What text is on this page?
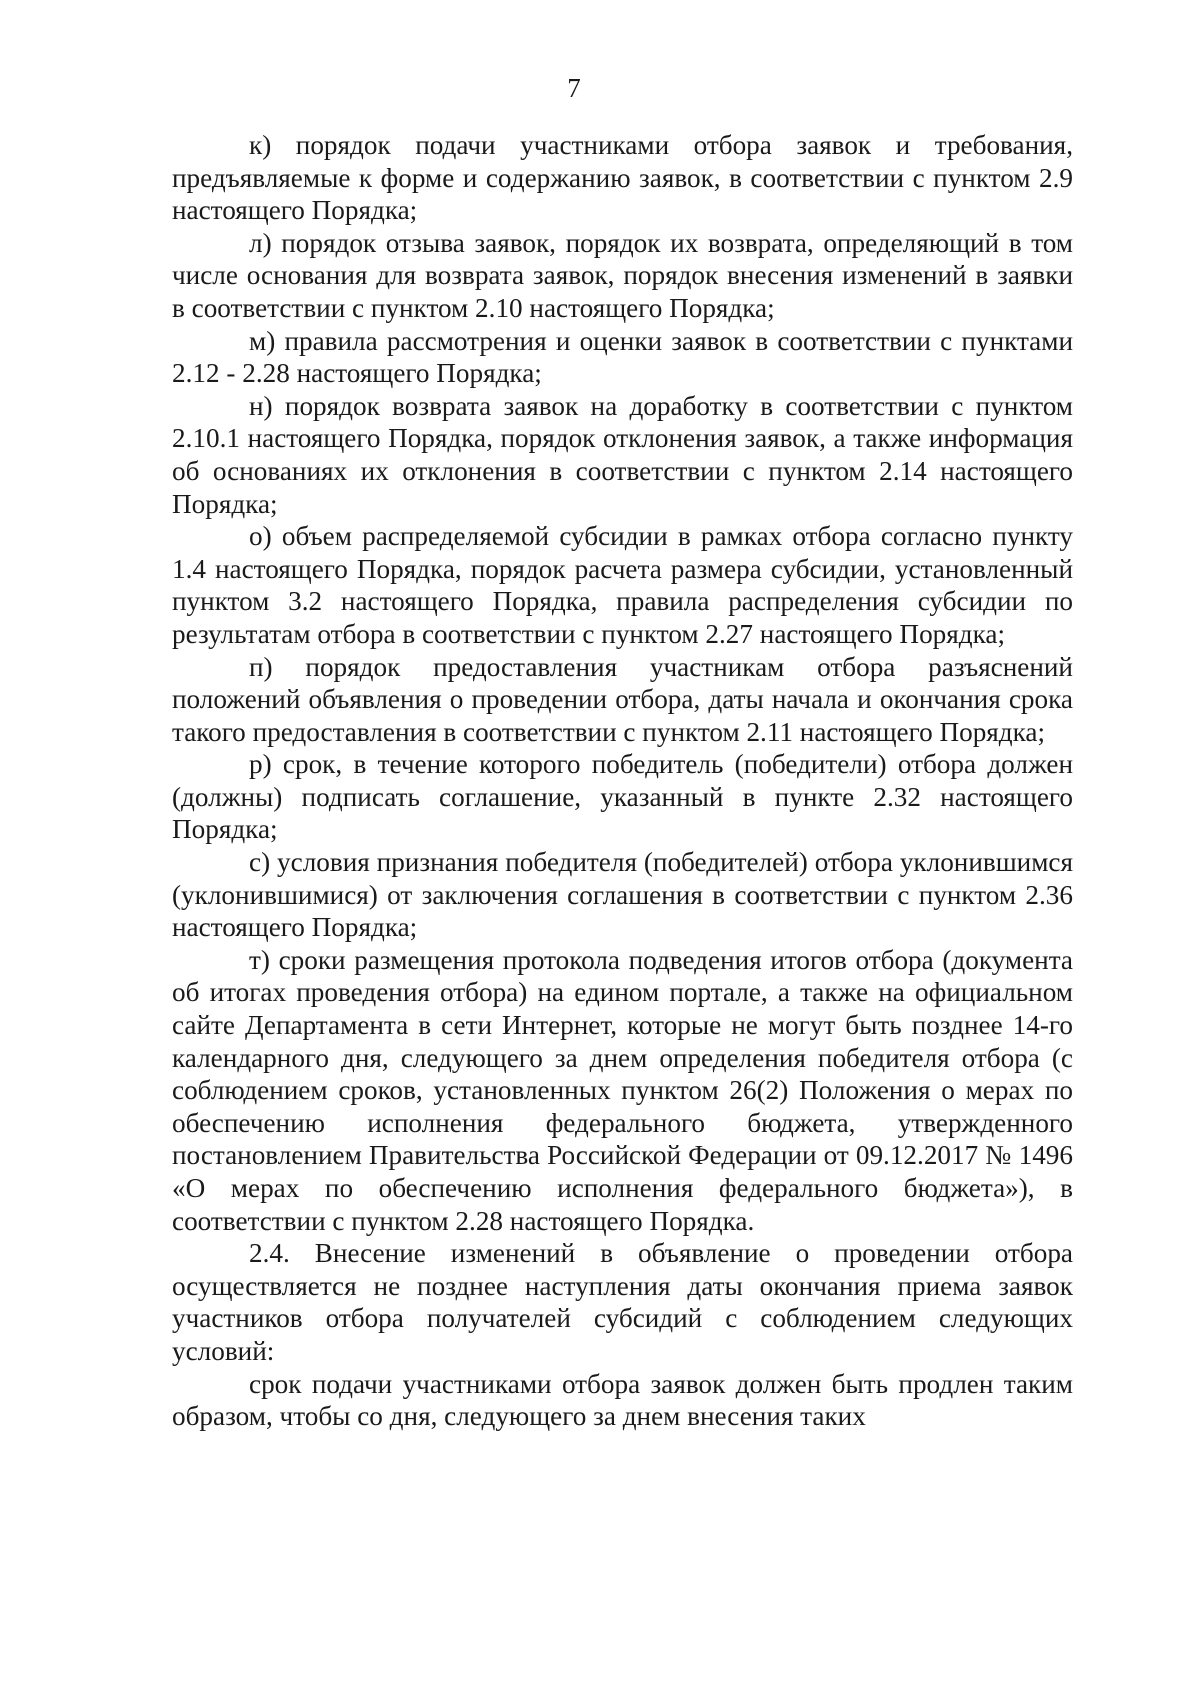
7

к) порядок подачи участниками отбора заявок и требования, предъявляемые к форме и содержанию заявок, в соответствии с пунктом 2.9 настоящего Порядка;

л) порядок отзыва заявок, порядок их возврата, определяющий в том числе основания для возврата заявок, порядок внесения изменений в заявки в соответствии с пунктом 2.10 настоящего Порядка;

м) правила рассмотрения и оценки заявок в соответствии с пунктами 2.12 - 2.28 настоящего Порядка;

н) порядок возврата заявок на доработку в соответствии с пунктом 2.10.1 настоящего Порядка, порядок отклонения заявок, а также информация об основаниях их отклонения в соответствии с пунктом 2.14 настоящего Порядка;

о) объем распределяемой субсидии в рамках отбора согласно пункту 1.4 настоящего Порядка, порядок расчета размера субсидии, установленный пунктом 3.2 настоящего Порядка, правила распределения субсидии по результатам отбора в соответствии с пунктом 2.27 настоящего Порядка;

п) порядок предоставления участникам отбора разъяснений положений объявления о проведении отбора, даты начала и окончания срока такого предоставления в соответствии с пунктом 2.11 настоящего Порядка;

р) срок, в течение которого победитель (победители) отбора должен (должны) подписать соглашение, указанный в пункте 2.32 настоящего Порядка;

с) условия признания победителя (победителей) отбора уклонившимся (уклонившимися) от заключения соглашения в соответствии с пунктом 2.36 настоящего Порядка;

т) сроки размещения протокола подведения итогов отбора (документа об итогах проведения отбора) на едином портале, а также на официальном сайте Департамента в сети Интернет, которые не могут быть позднее 14-го календарного дня, следующего за днем определения победителя отбора (с соблюдением сроков, установленных пунктом 26(2) Положения о мерах по обеспечению исполнения федерального бюджета, утвержденного постановлением Правительства Российской Федерации от 09.12.2017 № 1496 «О мерах по обеспечению исполнения федерального бюджета»), в соответствии с пунктом 2.28 настоящего Порядка.

2.4. Внесение изменений в объявление о проведении отбора осуществляется не позднее наступления даты окончания приема заявок участников отбора получателей субсидий с соблюдением следующих условий:

срок подачи участниками отбора заявок должен быть продлен таким образом, чтобы со дня, следующего за днем внесения таких
